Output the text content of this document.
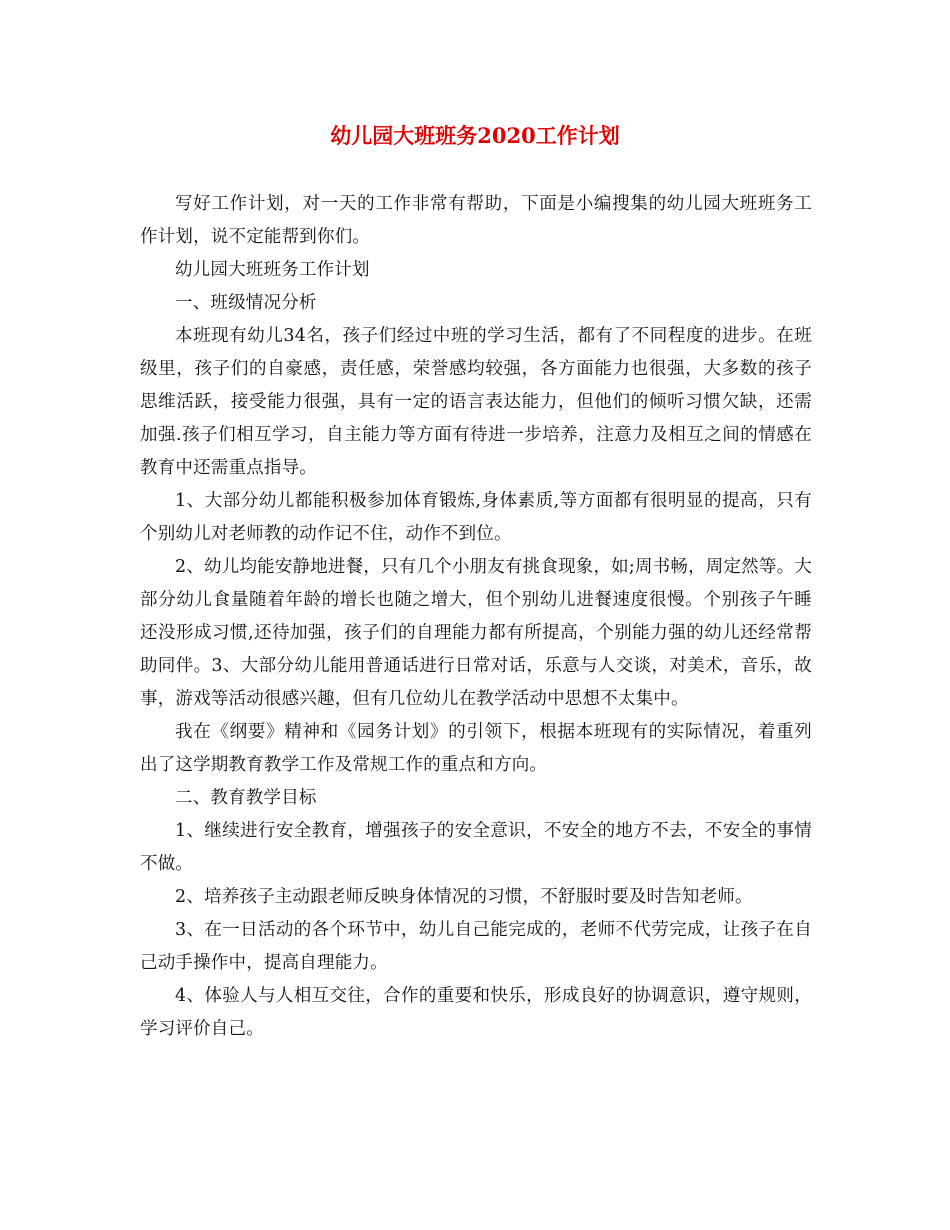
幼儿园大班班务2020工作计划

写好工作计划，对一天的工作非常有帮助，下面是小编搜集的幼儿园大班班务工作计划，说不定能帮到你们。

幼儿园大班班务工作计划

一、班级情况分析

本班现有幼儿34名，孩子们经过中班的学习生活，都有了不同程度的进步。在班级里，孩子们的自豪感，责任感，荣誉感均较强，各方面能力也很强，大多数的孩子思维活跃，接受能力很强，具有一定的语言表达能力，但他们的倾听习惯欠缺，还需加强.孩子们相互学习，自主能力等方面有待进一步培养，注意力及相互之间的情感在教育中还需重点指导。

1、大部分幼儿都能积极参加体育锻炼,身体素质,等方面都有很明显的提高，只有个别幼儿对老师教的动作记不住，动作不到位。

2、幼儿均能安静地进餐，只有几个小朋友有挑食现象，如;周书畅，周定然等。大部分幼儿食量随着年龄的增长也随之增大，但个别幼儿进餐速度很慢。个别孩子午睡还没形成习惯,还待加强，孩子们的自理能力都有所提高，个别能力强的幼儿还经常帮助同伴。3、大部分幼儿能用普通话进行日常对话，乐意与人交谈，对美术，音乐，故事，游戏等活动很感兴趣，但有几位幼儿在教学活动中思想不太集中。

我在《纲要》精神和《园务计划》的引领下，根据本班现有的实际情况，着重列出了这学期教育教学工作及常规工作的重点和方向。

二、教育教学目标

1、继续进行安全教育，增强孩子的安全意识，不安全的地方不去，不安全的事情不做。

2、培养孩子主动跟老师反映身体情况的习惯，不舒服时要及时告知老师。

3、在一日活动的各个环节中，幼儿自己能完成的，老师不代劳完成，让孩子在自己动手操作中，提高自理能力。

4、体验人与人相互交往，合作的重要和快乐，形成良好的协调意识，遵守规则，学习评价自己。
